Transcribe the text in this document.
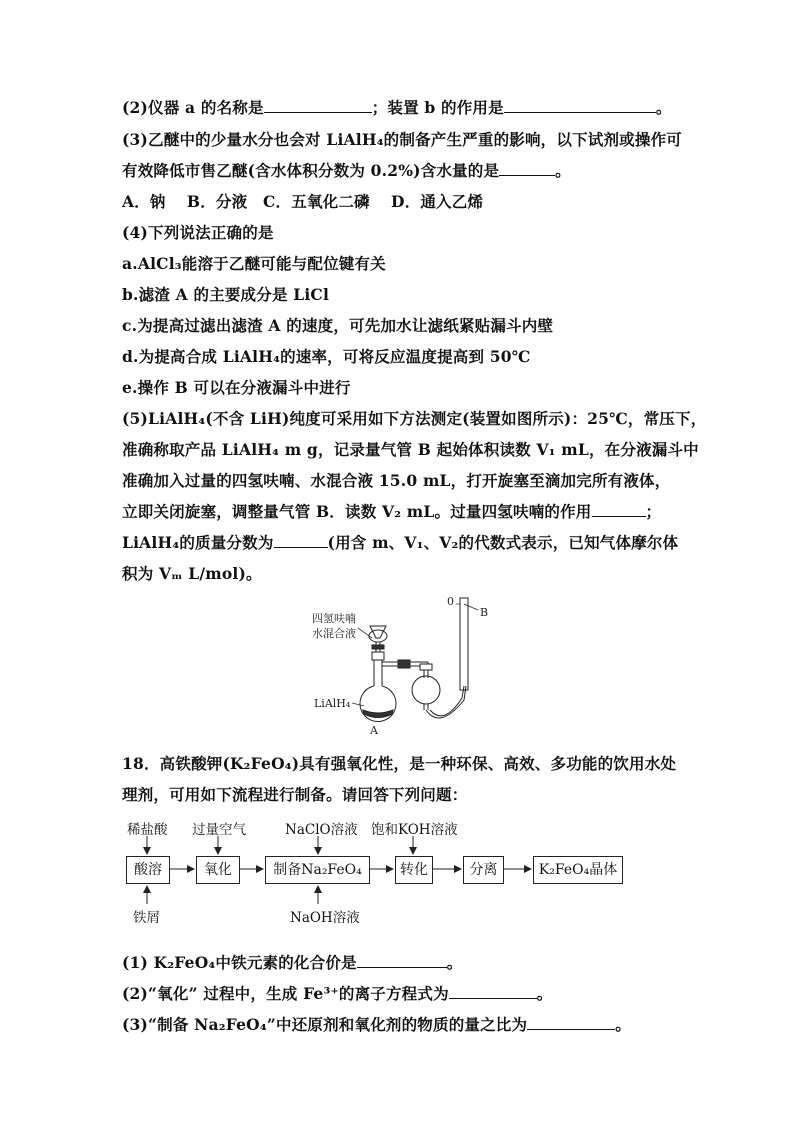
(2)仪器 a 的名称是	；装置 b 的作用是	。
(3)乙醚中的少量水分也会对 LiAlH₄的制备产生严重的影响，以下试剂或操作可
有效降低市售乙醚(含水体积分数为 0.2%)含水量的是	。
A．钠　 B．分液　C．五氧化二磷　 D．通入乙烯
(4)下列说法正确的是
a.AlCl₃能溶于乙醚可能与配位键有关
b.滤渣 A 的主要成分是 LiCl
c.为提高过滤出滤渣 A 的速度，可先加水让滤纸紧贴漏斗内壁
d.为提高合成 LiAlH₄的速率，可将反应温度提高到 50℃
e.操作 B 可以在分液漏斗中进行
(5)LiAlH₄(不含 LiH)纯度可采用如下方法测定(装置如图所示)：25℃，常压下，
准确称取产品 LiAlH₄ m g，记录量气管 B 起始体积读数 V₁ mL，在分液漏斗中
准确加入过量的四氢呋喃、水混合液 15.0 mL，打开旋塞至滴加完所有液体，
立即关闭旋塞，调整量气管 B．读数 V₂ mL。过量四氢呋喃的作用	；
LiAlH₄的质量分数为	(用含 m、V₁、V₂的代数式表示，已知气体摩尔体
积为 Vₘ L/mol)。
四氢呋喃
水混合液
LiAlH₄
A
B
0
18．高铁酸钾(K₂FeO₄)具有强氧化性，是一种环保、高效、多功能的饮用水处
理剂，可用如下流程进行制备。请回答下列问题：
稀盐酸 过量空气	NaClO溶液 饱和KOH溶液
酸溶	氧化	制备Na₂FeO₄	转化	分离	K₂FeO₄晶体
铁屑	NaOH溶液
(1) K₂FeO₄中铁元素的化合价是	。
(2)“氧化” 过程中，生成 Fe³⁺的离子方程式为	。
(3)“制备 Na₂FeO₄”中还原剂和氧化剂的物质的量之比为	。
